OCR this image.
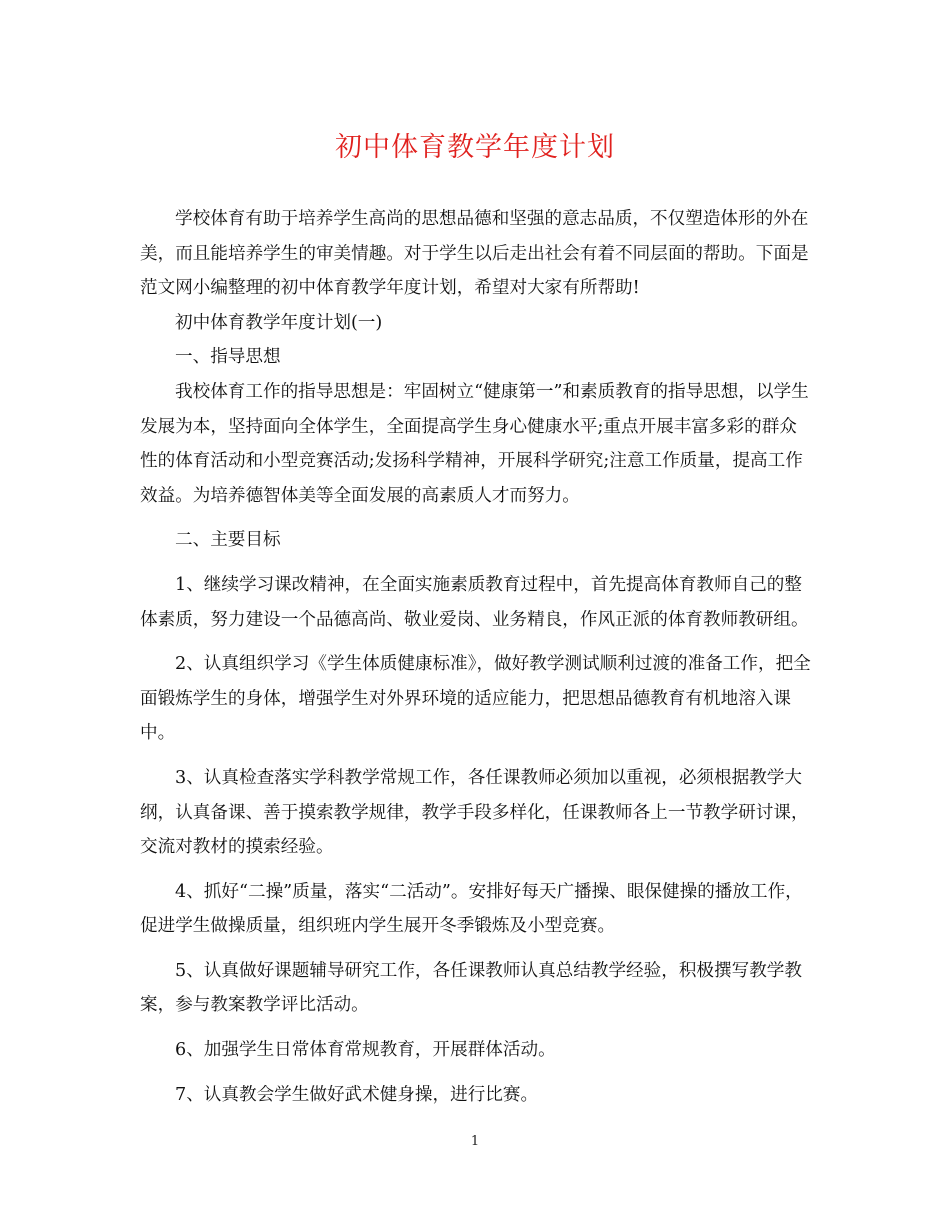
初中体育教学年度计划

学校体育有助于培养学生高尚的思想品德和坚强的意志品质，不仅塑造体形的外在美，而且能培养学生的审美情趣。对于学生以后走出社会有着不同层面的帮助。下面是范文网小编整理的初中体育教学年度计划，希望对大家有所帮助!

初中体育教学年度计划(一)

一、指导思想

我校体育工作的指导思想是：牢固树立“健康第一”和素质教育的指导思想，以学生发展为本，坚持面向全体学生，全面提高学生身心健康水平;重点开展丰富多彩的群众性的体育活动和小型竞赛活动;发扬科学精神，开展科学研究;注意工作质量，提高工作效益。为培养德智体美等全面发展的高素质人才而努力。

二、主要目标

1、继续学习课改精神，在全面实施素质教育过程中，首先提高体育教师自己的整体素质，努力建设一个品德高尚、敬业爱岗、业务精良，作风正派的体育教师教研组。

2、认真组织学习《学生体质健康标准》，做好教学测试顺利过渡的准备工作，把全面锻炼学生的身体，增强学生对外界环境的适应能力，把思想品德教育有机地溶入课中。

3、认真检查落实学科教学常规工作，各任课教师必须加以重视，必须根据教学大纲，认真备课、善于摸索教学规律，教学手段多样化，任课教师各上一节教学研讨课，交流对教材的摸索经验。

4、抓好“二操”质量，落实“二活动”。安排好每天广播操、眼保健操的播放工作，促进学生做操质量，组织班内学生展开冬季锻炼及小型竞赛。

5、认真做好课题辅导研究工作，各任课教师认真总结教学经验，积极撰写教学教案，参与教案教学评比活动。

6、加强学生日常体育常规教育，开展群体活动。

7、认真教会学生做好武术健身操，进行比赛。

1
